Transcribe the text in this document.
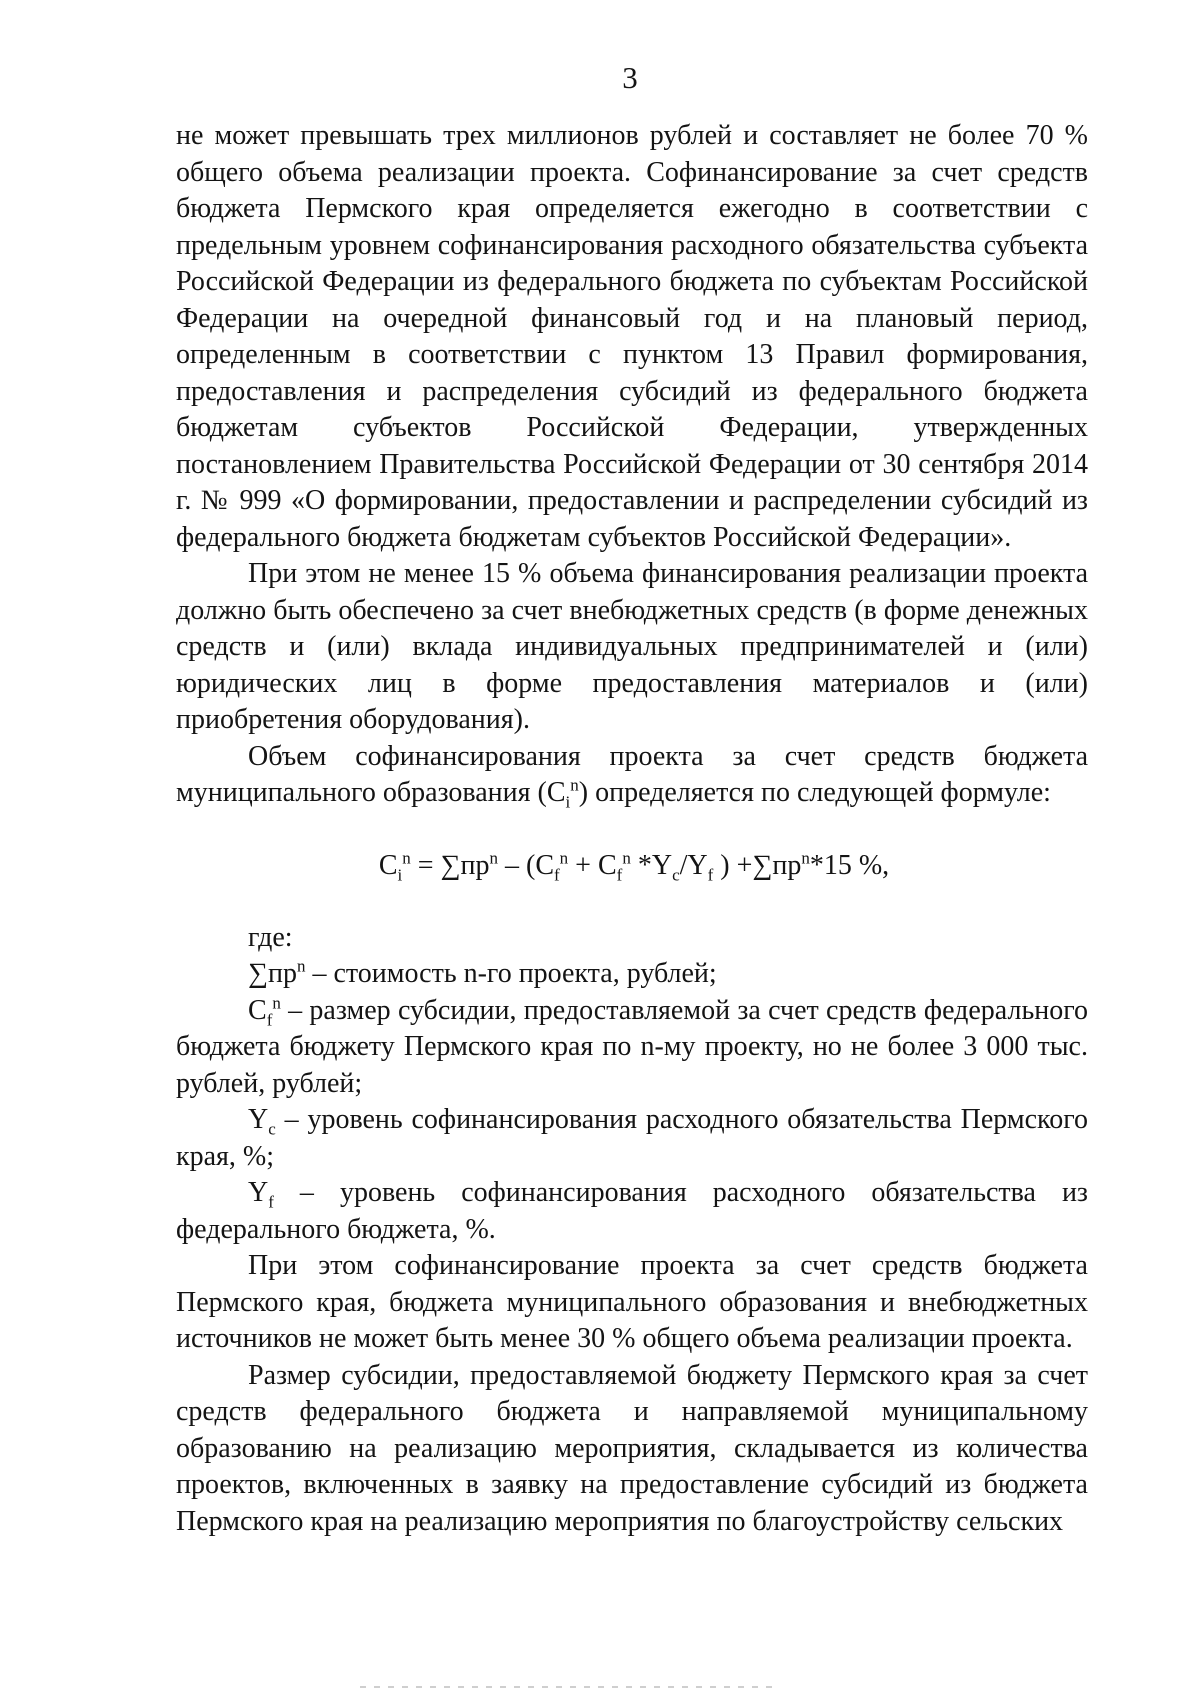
3

не может превышать трех миллионов рублей и составляет не более 70 % общего объема реализации проекта. Софинансирование за счет средств бюджета Пермского края определяется ежегодно в соответствии с предельным уровнем софинансирования расходного обязательства субъекта Российской Федерации из федерального бюджета по субъектам Российской Федерации на очередной финансовый год и на плановый период, определенным в соответствии с пунктом 13 Правил формирования, предоставления и распределения субсидий из федерального бюджета бюджетам субъектов Российской Федерации, утвержденных постановлением Правительства Российской Федерации от 30 сентября 2014 г. № 999 «О формировании, предоставлении и распределении субсидий из федерального бюджета бюджетам субъектов Российской Федерации».

При этом не менее 15 % объема финансирования реализации проекта должно быть обеспечено за счет внебюджетных средств (в форме денежных средств и (или) вклада индивидуальных предпринимателей и (или) юридических лиц в форме предоставления материалов и (или) приобретения оборудования).

Объем софинансирования проекта за счет средств бюджета муниципального образования $(C_i^n)$ определяется по следующей формуле:

$C_i^n = \sum пр^n - (C_f^n + C_f^n$ $*Y_c/Y_f$ ) $+\sum пр^n*15$ %,

где:

$\sum пр^n$ – стоимость n-го проекта, рублей;

$C_f^n$ – размер субсидии, предоставляемой за счет средств федерального бюджета бюджету Пермского края по n-му проекту, но не более 3 000 тыс. рублей, рублей;

$Y_c$ – уровень софинансирования расходного обязательства Пермского края, %;

$Y_f$ – уровень софинансирования расходного обязательства из федерального бюджета, %.

При этом софинансирование проекта за счет средств бюджета Пермского края, бюджета муниципального образования и внебюджетных источников не может быть менее 30 % общего объема реализации проекта.

Размер субсидии, предоставляемой бюджету Пермского края за счет средств федерального бюджета и направляемой муниципальному образованию на реализацию мероприятия, складывается из количества проектов, включенных в заявку на предоставление субсидий из бюджета Пермского края на реализацию мероприятия по благоустройству сельских
